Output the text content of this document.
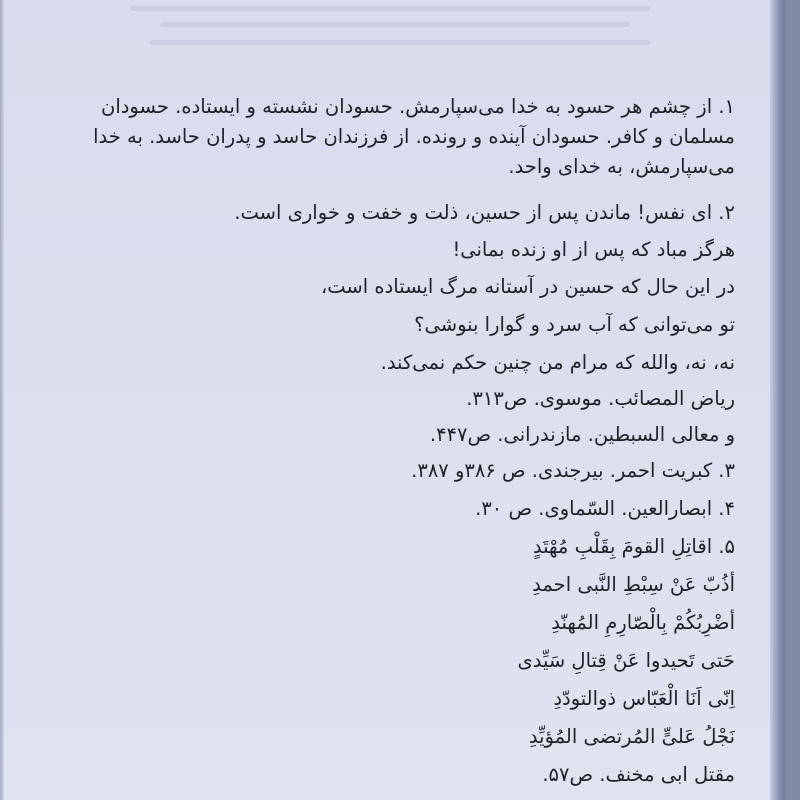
۱. از چشم هر حسود به خدا می‌سپارمش. حسودان نشسته و ایستاده. حسودان
مسلمان و کافر. حسودان آینده و رونده. از فرزندان حاسد و پدران حاسد. به خدا
می‌سپارمش، به خدای واحد.
۲. ای نفس! ماندن پس از حسین، ذلت و خفت و خواری است.
هرگز مباد که پس از او زنده بمانی!
در این حال که حسین در آستانه مرگ ایستاده است،
تو می‌توانی که آب سرد و گوارا بنوشی؟
نه، نه، والله که مرام من چنین حکم نمی‌کند.
ریاض المصائب. موسوی. ص۳۱۳.
و معالی السبطین. مازندرانی. ص۴۴۷.
۳. کبریت احمر. بیرجندی. ص ۳۸۶و ۳۸۷.
۴. ابصارالعین. السّماوی. ص ۳۰.
۵. اقاتِلِ القومَ بِقَلْبِ مُهْتَدٍ
أذُبّ عَنْ سِبْطِ النَّبی احمدِ
أضْرِبُکُمْ بِالْصّارِمِ المُهنّدِ
حَتی تَحیدوا عَنْ قِتالِ سَیِّدی
اِنّی اَنَا الْعَبّاس ذوالتودّدِ
نَجْلُ عَلیٍّ المُرتضی المُؤیِّدِ
مقتل ابی مخنف. ص۵۷.
